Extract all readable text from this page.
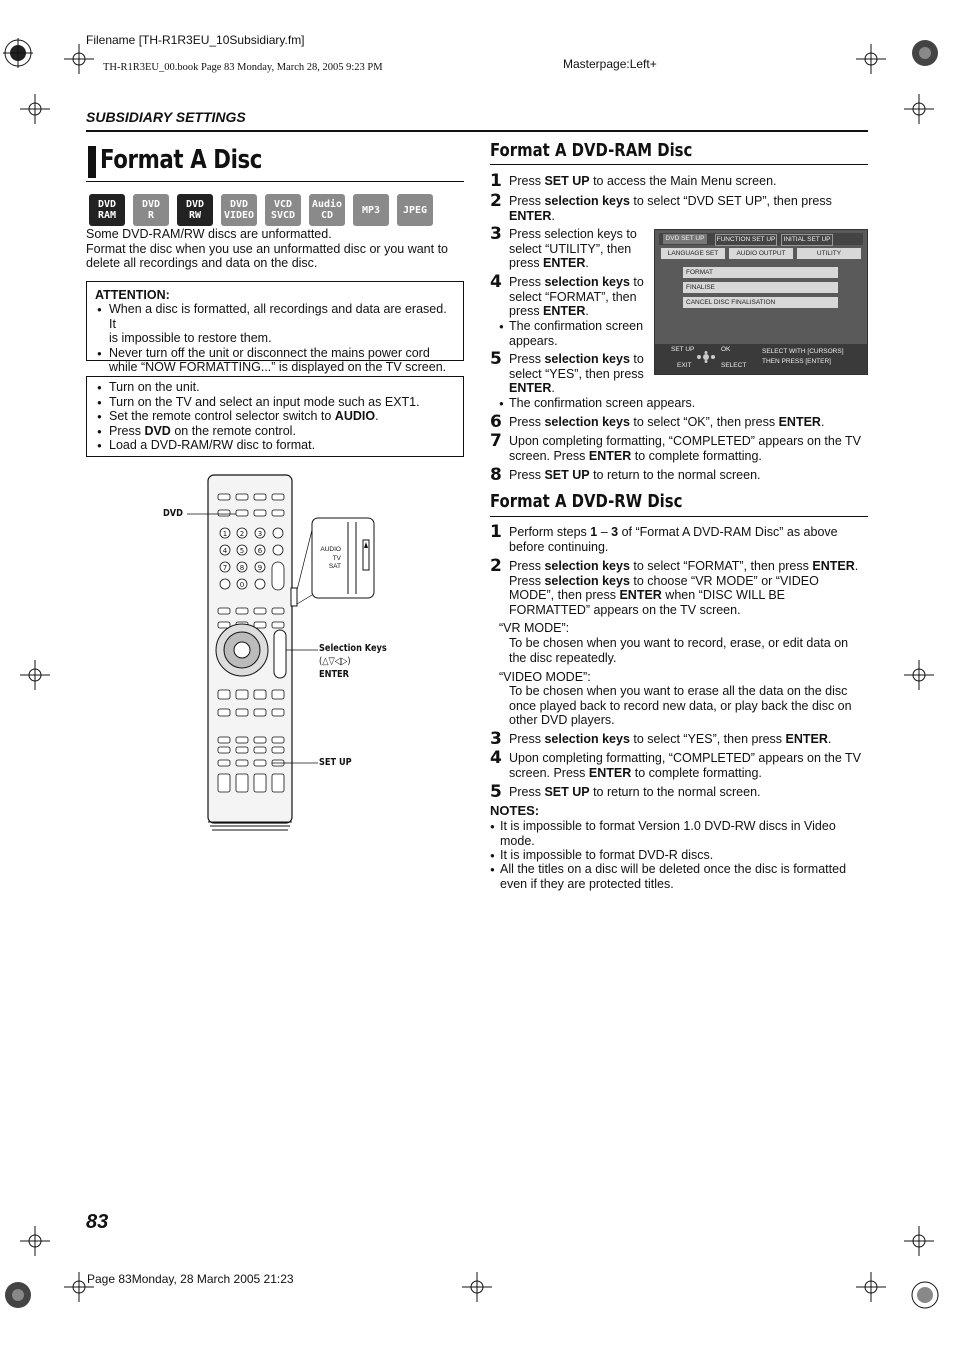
Filename [TH-R1R3EU_10Subsidiary.fm]
TH-R1R3EU_00.book Page 83 Monday, March 28, 2005 9:23 PM	Masterpage:Left+
SUBSIDIARY SETTINGS
Format A Disc
DVD
RAM
DVD
R
DVD
RW
DVD
VIDEO
VCD
SVCD
Audio
CD	MP3	JPEG
Some DVD-RAM/RW discs are unformatted.
Format the disc when you use an unformatted disc or you want to
delete all recordings and data on the disc.
ATTENTION:
● When a disc is formatted, all recordings and data are erased. It
is impossible to restore them.
● Never turn off the unit or disconnect the mains power cord
while “NOW FORMATTING...” is displayed on the TV screen.
● Turn on the unit.
● Turn on the TV and select an input mode such as EXT1.
● Set the remote control selector switch to AUDIO.
● Press DVD on the remote control.
● Load a DVD-RAM/RW disc to format.
1 2 3
4 5 6
7 8 9
0
AUDIO
TV
SAT
DVD
Selection Keys
(△▽◁▷)
ENTER
SET UP
Format A DVD-RAM Disc
1 Press SET UP to access the Main Menu screen.
2 Press selection keys to select “DVD SET UP”, then press
ENTER.
3 Press selection keys to
select “UTILITY”, then
press ENTER.
4 Press selection keys to
select “FORMAT”, then
press ENTER.
● The confirmation screen
appears.
5 Press selection keys to
select “YES”, then press
ENTER.
● The confirmation screen appears.
DVD SET UP	FUNCTION SET UP	INITIAL SET UP
LANGUAGE SET	AUDIO OUTPUT	UTILITY
FORMAT
FINALISE
CANCEL DISC FINALISATION
SET UP
EXIT
OK
SELECT
SELECT WITH [CURSORS]
THEN PRESS [ENTER]
6 Press selection keys to select “OK”, then press ENTER.
7 Upon completing formatting, “COMPLETED” appears on the TV
screen. Press ENTER to complete formatting.
8 Press SET UP to return to the normal screen.
Format A DVD-RW Disc
1 Perform steps 1 – 3 of “Format A DVD-RAM Disc” as above
before continuing.
2 Press selection keys to select “FORMAT”, then press ENTER.
Press selection keys to choose “VR MODE” or “VIDEO
MODE”, then press ENTER when “DISC WILL BE
FORMATTED” appears on the TV screen.
“VR MODE”:
To be chosen when you want to record, erase, or edit data on
the disc repeatedly.
“VIDEO MODE”:
To be chosen when you want to erase all the data on the disc
once played back to record new data, or play back the disc on
other DVD players.
3 Press selection keys to select “YES”, then press ENTER.
4 Upon completing formatting, “COMPLETED” appears on the TV
screen. Press ENTER to complete formatting.
5 Press SET UP to return to the normal screen.
NOTES:
● It is impossible to format Version 1.0 DVD-RW discs in Video
mode.
● It is impossible to format DVD-R discs.
● All the titles on a disc will be deleted once the disc is formatted
even if they are protected titles.
83
Page 83Monday, 28 March 2005 21:23
